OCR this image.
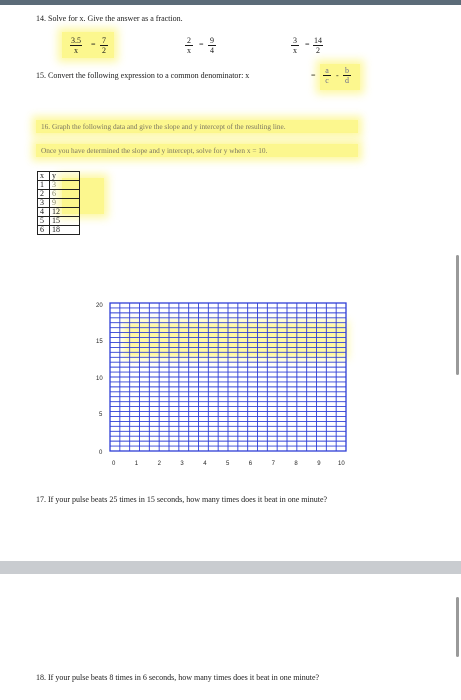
14. Solve for x. Give the answer as a fraction.
$\frac{3.5}{x} = \frac{7}{2}$	$\frac{2}{x} = \frac{9}{4}$	$\frac{3}{x} = \frac{14}{2}$
15. Convert the following expression to a common denominator: x	= $\frac{a}{c} - \frac{b}{d}$
16. Graph the following data and give the slope and y intercept of the resulting line.
Once you have determined the slope and y intercept, solve for y when x = 10.
x	y
1	3
2	6
3	9
4	12
5	15
6	18
20
15
10
5
0
0	1	2	3	4	5	6	7	8	9	10
17. If your pulse beats 25 times in 15 seconds, how many times does it beat in one minute?
18. If your pulse beats 8 times in 6 seconds, how many times does it beat in one minute?
